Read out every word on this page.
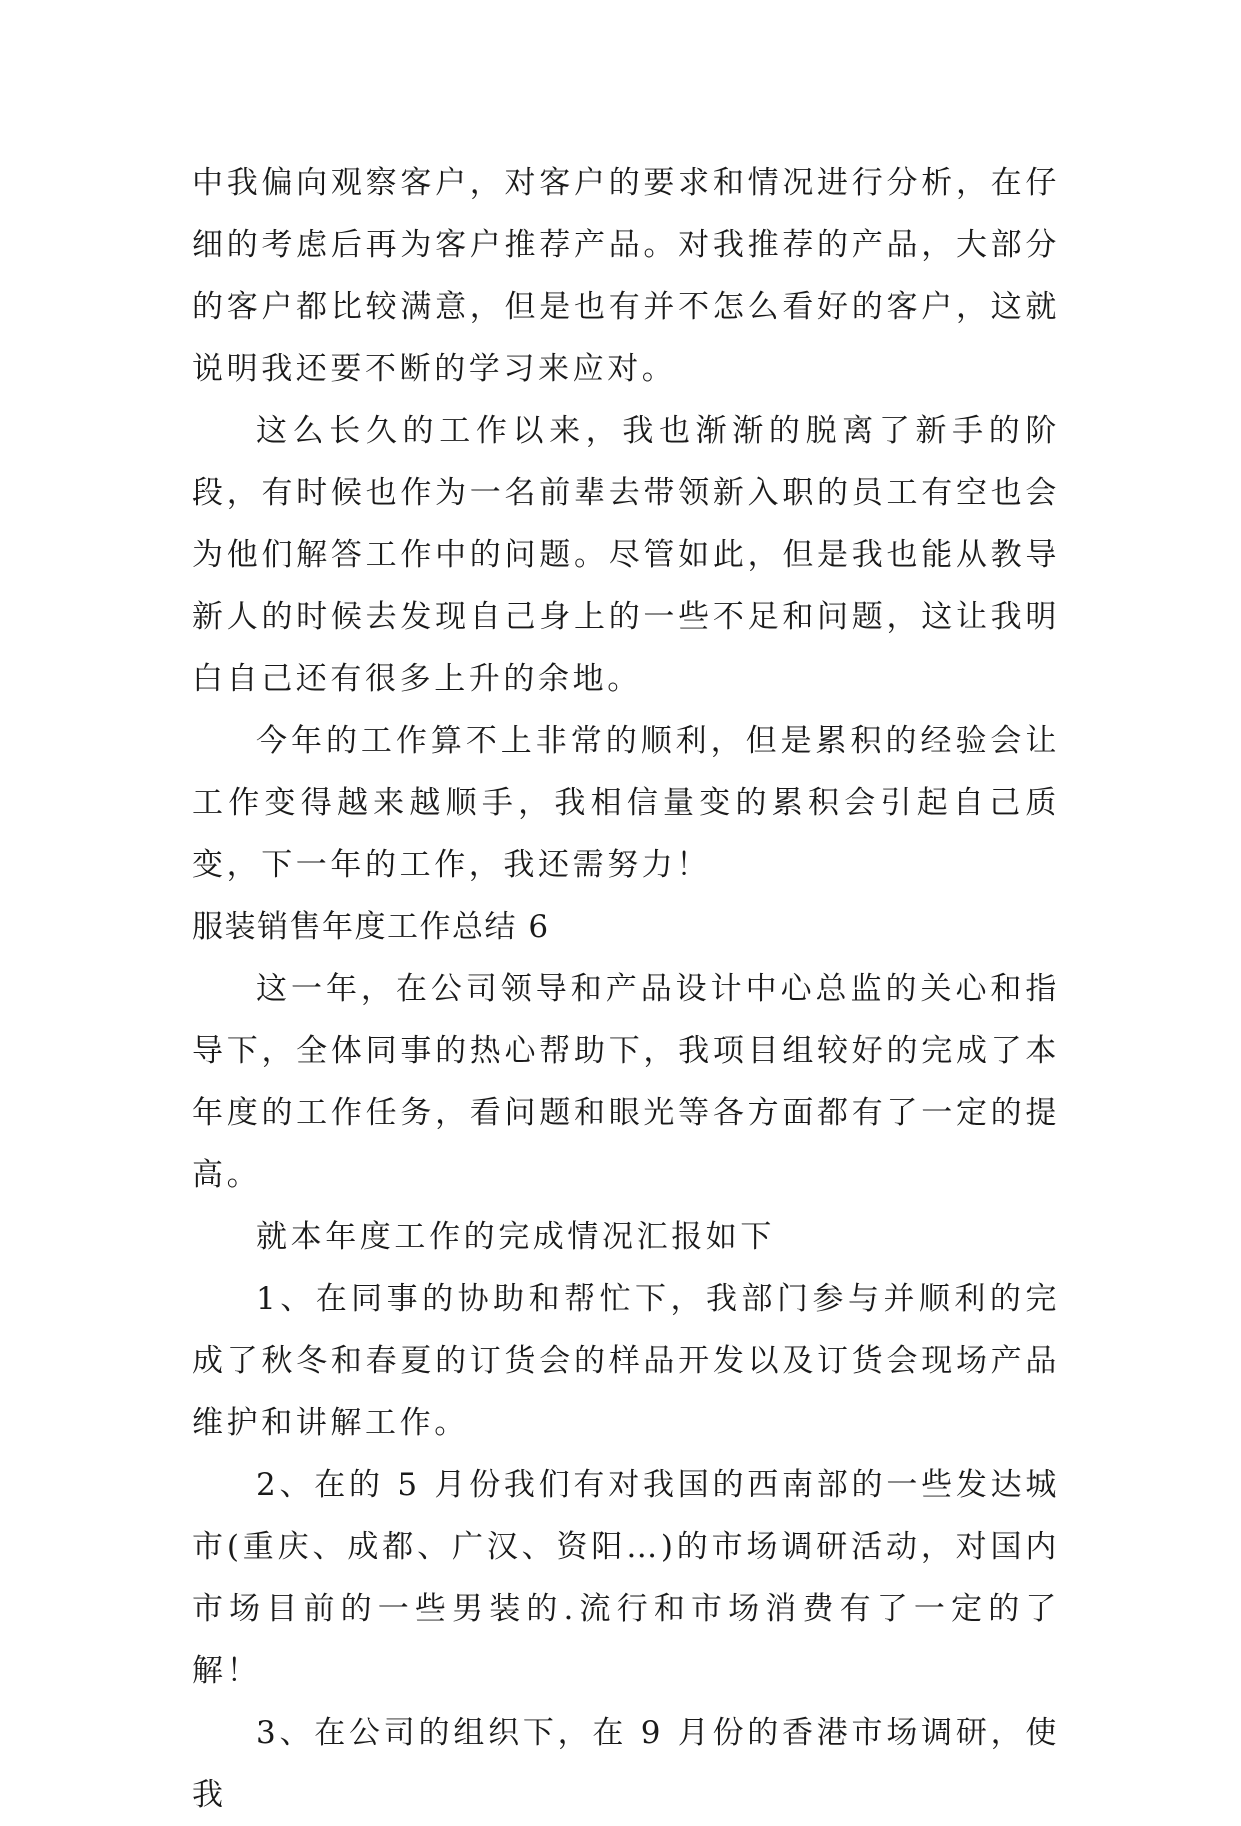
中我偏向观察客户，对客户的要求和情况进行分析，在仔细的考虑后再为客户推荐产品。对我推荐的产品，大部分的客户都比较满意，但是也有并不怎么看好的客户，这就说明我还要不断的学习来应对。

这么长久的工作以来，我也渐渐的脱离了新手的阶段，有时候也作为一名前辈去带领新入职的员工有空也会为他们解答工作中的问题。尽管如此，但是我也能从教导新人的时候去发现自己身上的一些不足和问题，这让我明白自己还有很多上升的余地。

今年的工作算不上非常的顺利，但是累积的经验会让工作变得越来越顺手，我相信量变的累积会引起自己质变，下一年的工作，我还需努力！

服装销售年度工作总结 6

这一年，在公司领导和产品设计中心总监的关心和指导下，全体同事的热心帮助下，我项目组较好的完成了本年度的工作任务，看问题和眼光等各方面都有了一定的提高。

就本年度工作的完成情况汇报如下

1、在同事的协助和帮忙下，我部门参与并顺利的完成了秋冬和春夏的订货会的样品开发以及订货会现场产品维护和讲解工作。

2、在的 5 月份我们有对我国的西南部的一些发达城市(重庆、成都、广汉、资阳…)的市场调研活动，对国内市场目前的一些男装的.流行和市场消费有了一定的了解！

3、在公司的组织下，在 9 月份的香港市场调研，使我
